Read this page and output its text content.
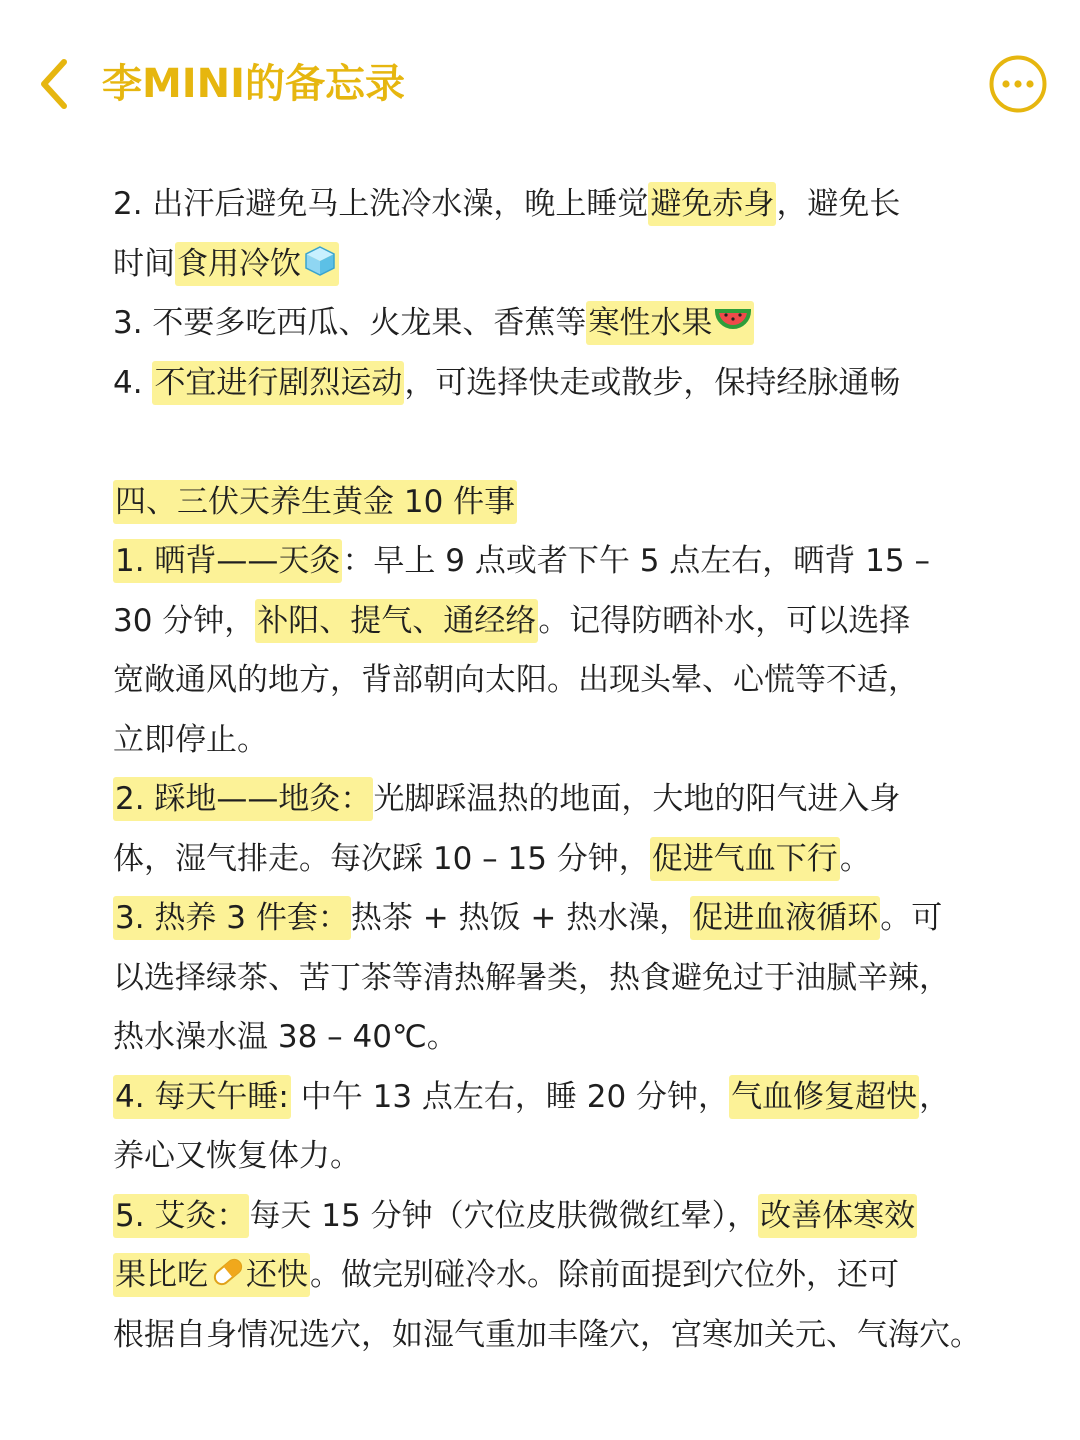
李MINI的备忘录
2. 出汗后避免马上洗冷水澡，晚上睡觉避免赤身，避免长
时间食用冷饮
3. 不要多吃西瓜、火龙果、香蕉等寒性水果
4. 不宜进行剧烈运动，可选择快走或散步，保持经脉通畅
四、三伏天养生黄金 10 件事
1. 晒背——天灸：早上 9 点或者下午 5 点左右，晒背 15 –
30 分钟，补阳、提气、通经络。记得防晒补水，可以选择
宽敞通风的地方，背部朝向太阳。出现头晕、心慌等不适，
立即停止。
2. 踩地——地灸：光脚踩温热的地面，大地的阳气进入身
体，湿气排走。每次踩 10 – 15 分钟，促进气血下行。
3. 热养 3 件套：热茶 + 热饭 + 热水澡，促进血液循环。可
以选择绿茶、苦丁茶等清热解暑类，热食避免过于油腻辛辣，
热水澡水温 38 – 40℃。
4. 每天午睡: 中午 13 点左右，睡 20 分钟，气血修复超快，
养心又恢复体力。
5. 艾灸：每天 15 分钟（穴位皮肤微微红晕），改善体寒效
果比吃 还快。做完别碰冷水。除前面提到穴位外，还可
根据自身情况选穴，如湿气重加丰隆穴，宫寒加关元、气海穴。
